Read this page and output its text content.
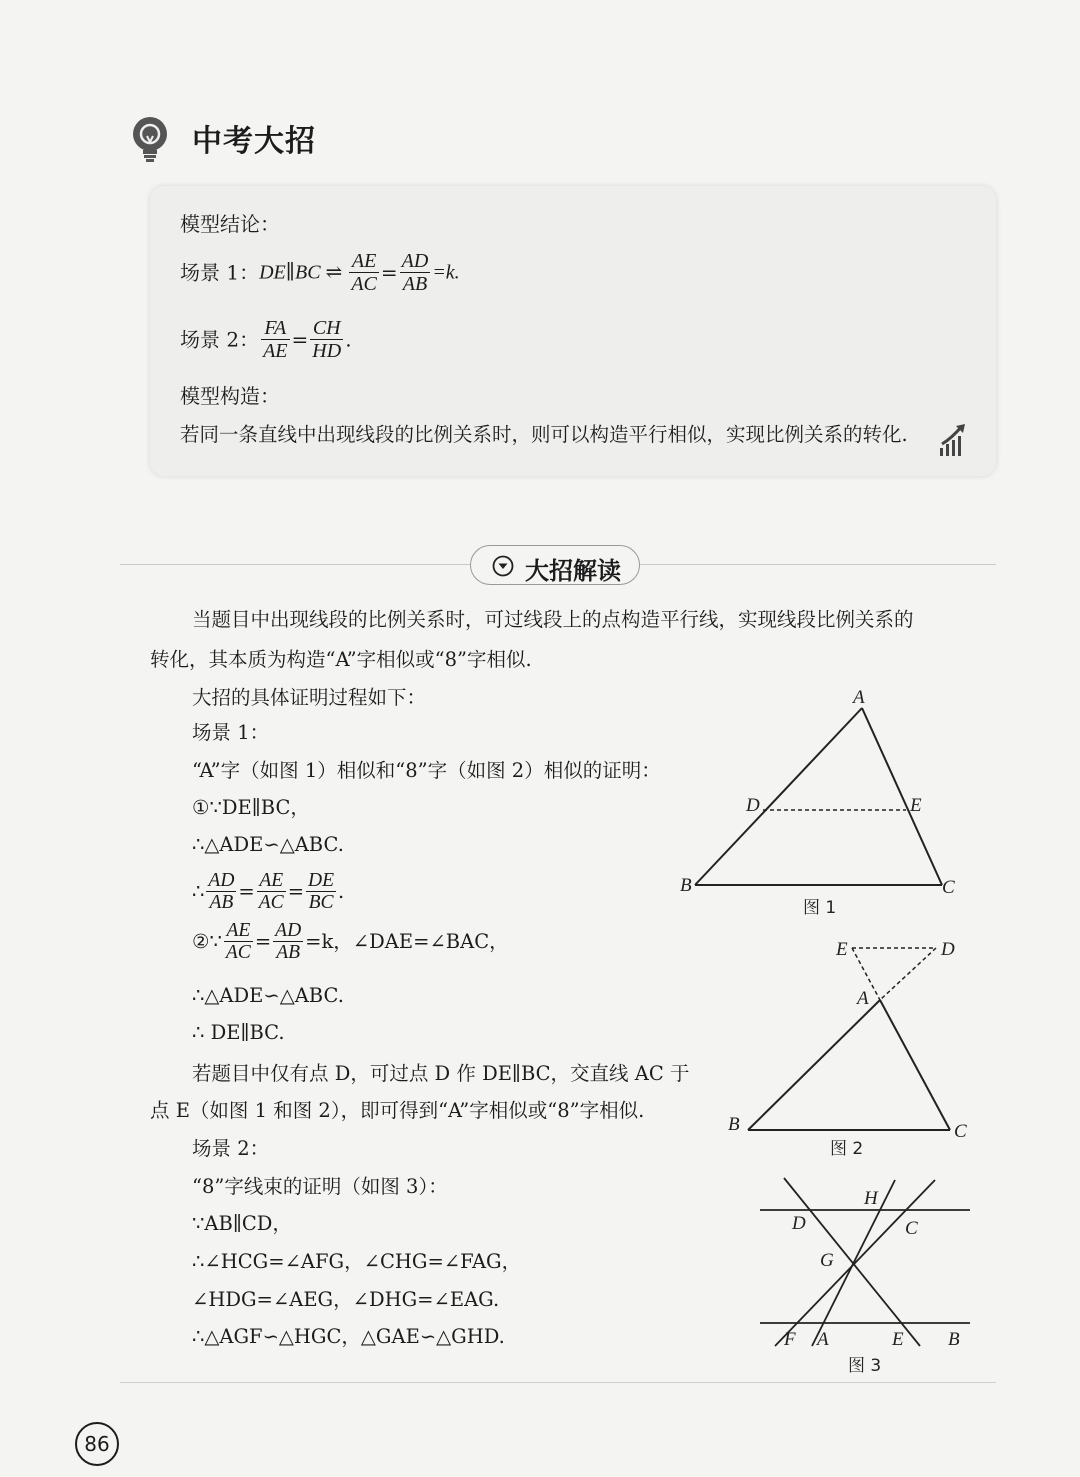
中考大招
模型结论：
场景 1：DE∥BC ⇌ $\frac{AE}{AC} = \frac{AD}{AB} =k$.
场景 2： $\frac{FA}{AE} = \frac{CH}{HD}$ .
模型构造：
若同一条直线中出现线段的比例关系时，则可以构造平行相似，实现比例关系的转化.
大招解读
当题目中出现线段的比例关系时，可过线段上的点构造平行线，实现线段比例关系的
转化，其本质为构造“A”字相似或“8”字相似.
大招的具体证明过程如下：
场景 1：
“A”字（如图 1）相似和“8”字（如图 2）相似的证明：
①∵DE∥BC，
∴△ADE∽△ABC.
∴ $\frac{AD}{AB} = \frac{AE}{AC} = \frac{DE}{BC}$ .
②∵ $\frac{AE}{AC} = \frac{AD}{AB} =k$，∠DAE=∠BAC，
∴△ADE∽△ABC.
∴ DE∥BC.
若题目中仅有点 D，可过点 D 作 DE∥BC，交直线 AC 于
点 E（如图 1 和图 2），即可得到“A”字相似或“8”字相似.
场景 2：
“8”字线束的证明（如图 3）：
∵AB∥CD，
∴∠HCG=∠AFG，∠CHG=∠FAG，
∠HDG=∠AEG，∠DHG=∠EAG.
∴△AGF∽△HGC，△GAE∽△GHD.
A
D	E
B	C
图 1
E	D
A
B	C
图 2
H
D	C
G
F A	E B
图 3
86
